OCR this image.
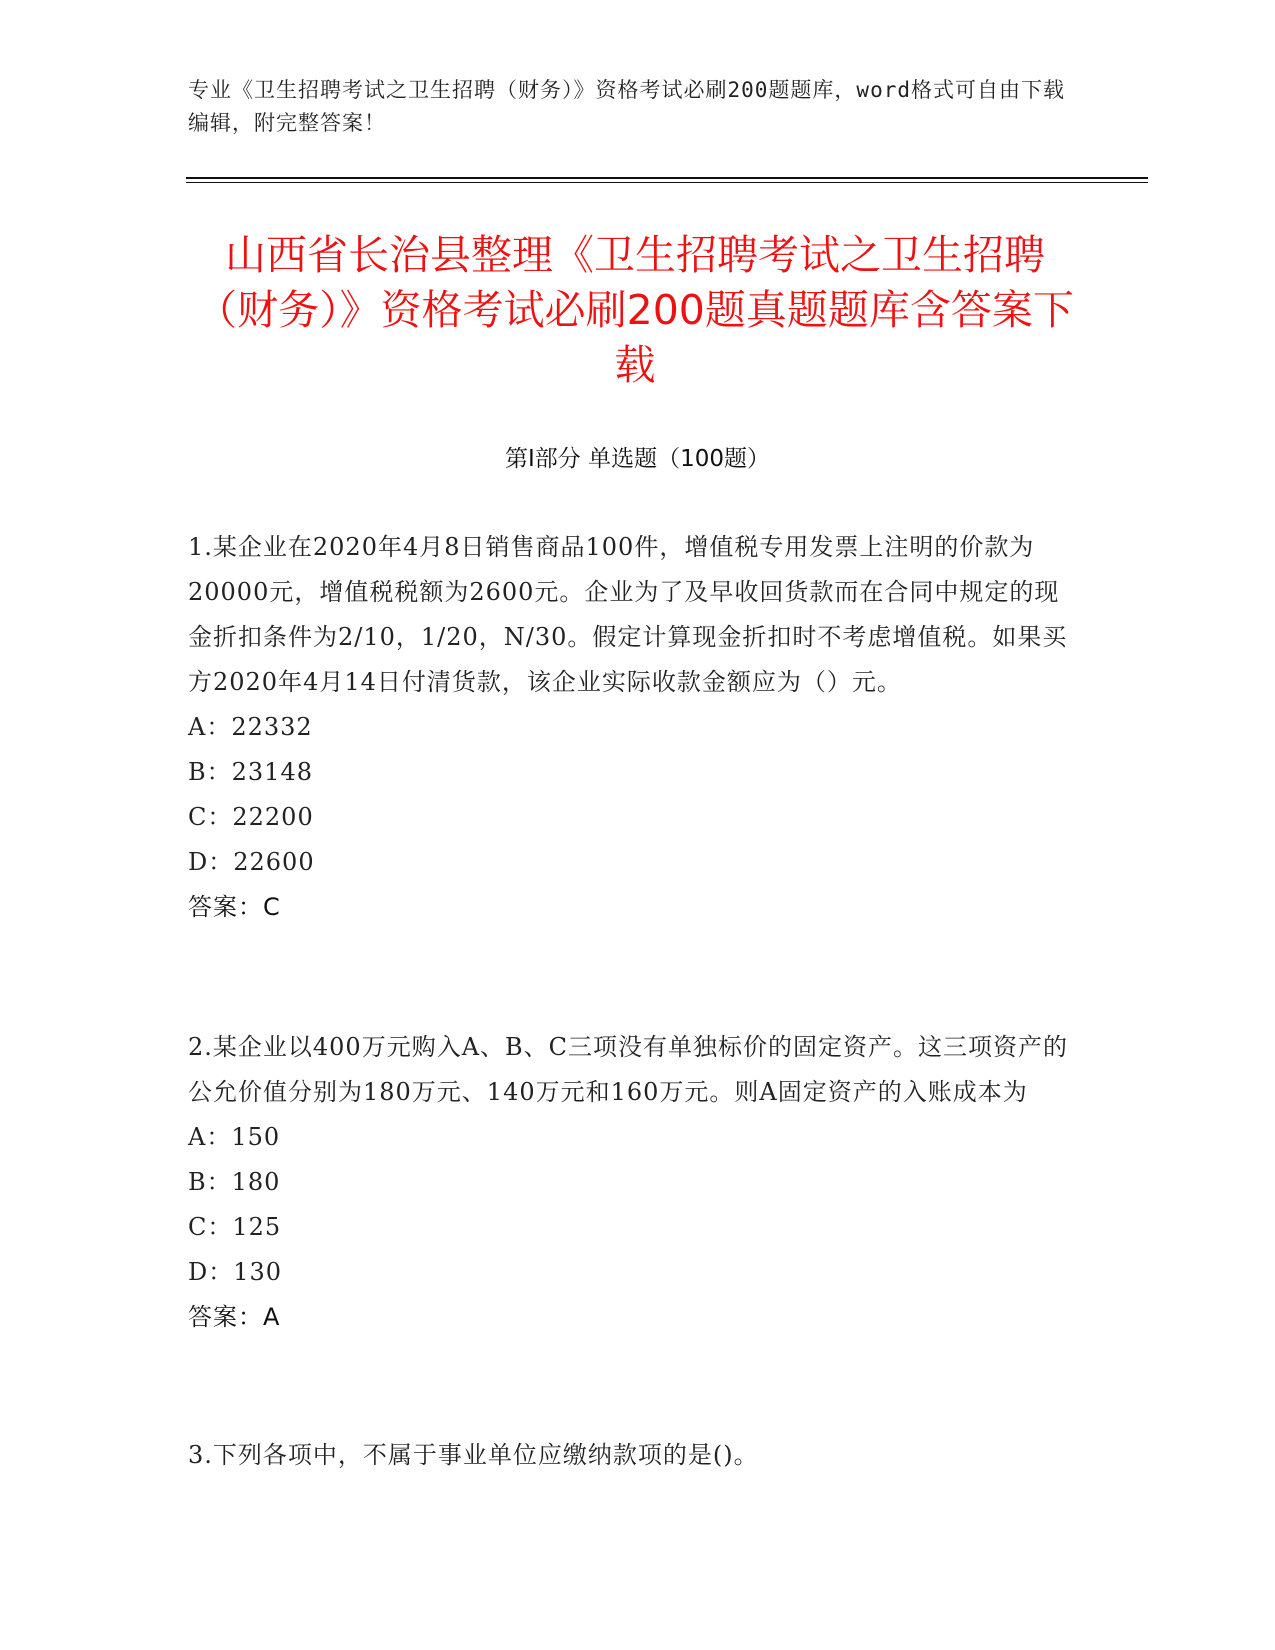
专业《卫生招聘考试之卫生招聘（财务）》资格考试必刷200题题库，word格式可自由下载编辑，附完整答案！
山西省长治县整理《卫生招聘考试之卫生招聘（财务）》资格考试必刷200题真题题库含答案下载
第Ⅰ部分 单选题（100题）
1.某企业在2020年4月8日销售商品100件，增值税专用发票上注明的价款为20000元，增值税税额为2600元。企业为了及早收回货款而在合同中规定的现金折扣条件为2/10，1/20，N/30。假定计算现金折扣时不考虑增值税。如果买方2020年4月14日付清货款，该企业实际收款金额应为（）元。
A：22332
B：23148
C：22200
D：22600
答案：C
2.某企业以400万元购入A、B、C三项没有单独标价的固定资产。这三项资产的公允价值分别为180万元、140万元和160万元。则A固定资产的入账成本为
A：150
B：180
C：125
D：130
答案：A
3.下列各项中，不属于事业单位应缴纳款项的是()。
